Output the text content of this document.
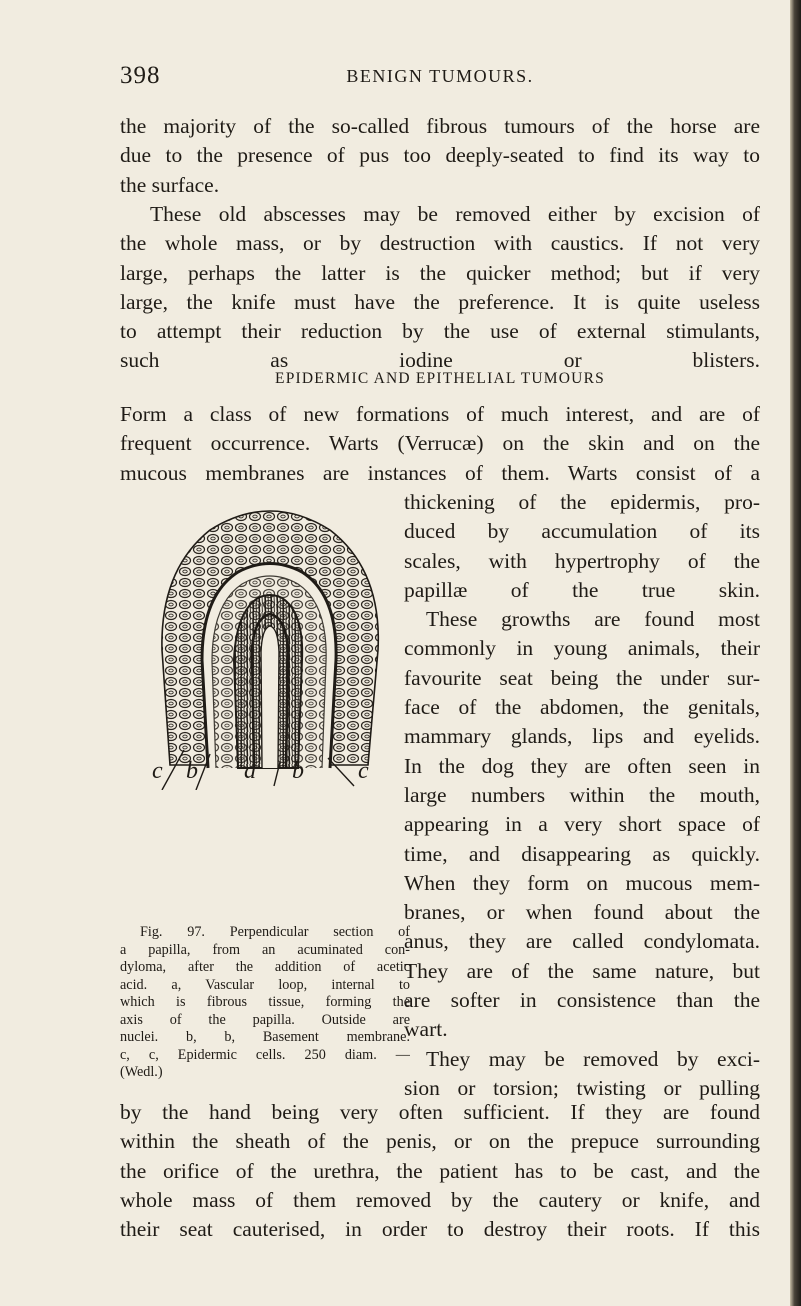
398	BENIGN TUMOURS.
the majority of the so-called fibrous tumours of the horse are
due to the presence of pus too deeply-seated to find its way to
the surface.
These old abscesses may be removed either by excision of
the whole mass, or by destruction with caustics. If not very
large, perhaps the latter is the quicker method; but if very
large, the knife must have the preference. It is quite useless
to attempt their reduction by the use of external stimulants,
such as iodine or blisters.
EPIDERMIC AND EPITHELIAL TUMOURS
Form a class of new formations of much interest, and are of
frequent occurrence. Warts (Verrucæ) on the skin and on the
mucous membranes are instances of them. Warts consist of a
thickening of the epidermis, pro-
duced by accumulation of its
scales, with hypertrophy of the
papillæ of the true skin.
These growths are found most
commonly in young animals, their
favourite seat being the under sur-
face of the abdomen, the genitals,
mammary glands, lips and eyelids.
In the dog they are often seen in
large numbers within the mouth,
appearing in a very short space of
time, and disappearing as quickly.
When they form on mucous mem-
branes, or when found about the
anus, they are called condylomata.
They are of the same nature, but
are softer in consistence than the
wart.
They may be removed by exci-
sion or torsion; twisting or pulling
c b a b c
Fig. 97. Perpendicular section of
a papilla, from an acuminated con-
dyloma, after the addition of acetic
acid. a, Vascular loop, internal to
which is fibrous tissue, forming the
axis of the papilla. Outside are
nuclei. b, b, Basement membrane.
c, c, Epidermic cells. 250 diam. —
(Wedl.)
by the hand being very often sufficient. If they are found
within the sheath of the penis, or on the prepuce surrounding
the orifice of the urethra, the patient has to be cast, and the
whole mass of them removed by the cautery or knife, and
their seat cauterised, in order to destroy their roots. If this
